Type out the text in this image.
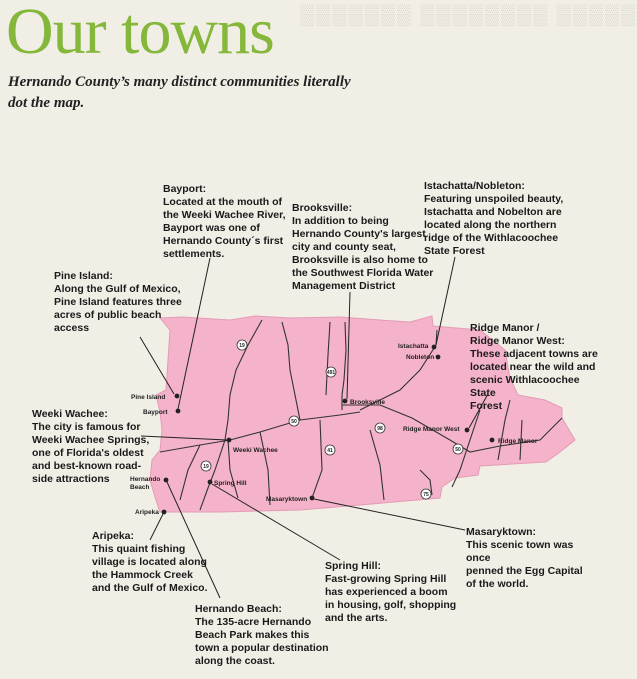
▒▒▒▒▒▒▒ ▒▒▒▒▒▒▒▒ ▒▒▒▒▒
Our towns
Hernando County’s many distinct communities literally dot the map.
19
491
50
41
98
50
75
19
Pine Island
Bayport
Weeki Wachee
Hernando
Beach
Aripeka
Spring Hill
Masaryktown
Brooksville
Istachatta
Nobleton
Ridge Manor West
Ridge Manor
Bayport:
Located at the mouth of
the Weeki Wachee River,
Bayport was one of
Hernando County´s first
settlements.
Brooksville:
In addition to being
Hernando County's largest
city and county seat,
Brooksville is also home to
the Southwest Florida Water
Management District
Istachatta/Nobleton:
Featuring unspoiled beauty,
Istachatta and Nobelton are
located along the northern
ridge of the Withlacoochee
State Forest
Pine Island:
Along the Gulf of Mexico,
Pine Island features three
acres of public beach
access	Ridge Manor /
Ridge Manor West:
These adjacent towns are
located near the wild and
scenic Withlacoochee State
Forest
Weeki Wachee:
The city is famous for
Weeki Wachee Springs,
one of Florida's oldest
and best-known road-
side attractions
Aripeka:
This quaint fishing
village is located along
the Hammock Creek
and the Gulf of Mexico.
Masaryktown:
This scenic town was once
penned the Egg Capital
of the world.
Spring Hill:
Fast-growing Spring Hill
has experienced a boom
in housing, golf, shopping
and the arts.
Hernando Beach:
The 135-acre Hernando
Beach Park makes this
town a popular destination
along the coast.
